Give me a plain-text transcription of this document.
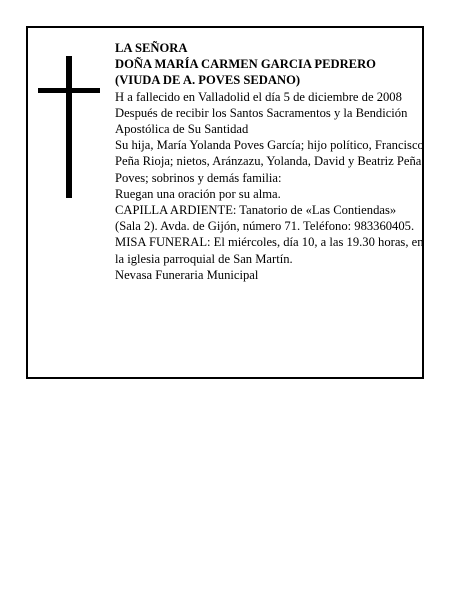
LA SEÑORA
DOÑA MARÍA CARMEN GARCIA PEDRERO
(VIUDA DE A. POVES SEDANO)
H a fallecido en Valladolid el día 5 de diciembre de 2008
Después de recibir los Santos Sacramentos y la Bendición Apostólica de Su Santidad
Su hija, María Yolanda Poves García; hijo político, Francisco Peña Rioja; nietos, Aránzazu, Yolanda, David y Beatriz Peña Poves; sobrinos y demás familia:
Ruegan una oración por su alma.
CAPILLA ARDIENTE: Tanatorio de «Las Contiendas» (Sala 2). Avda. de Gijón, número 71. Teléfono: 983360405.
MISA FUNERAL: El miércoles, día 10, a las 19.30 horas, en la iglesia parroquial de San Martín.
Nevasa Funeraria Municipal
